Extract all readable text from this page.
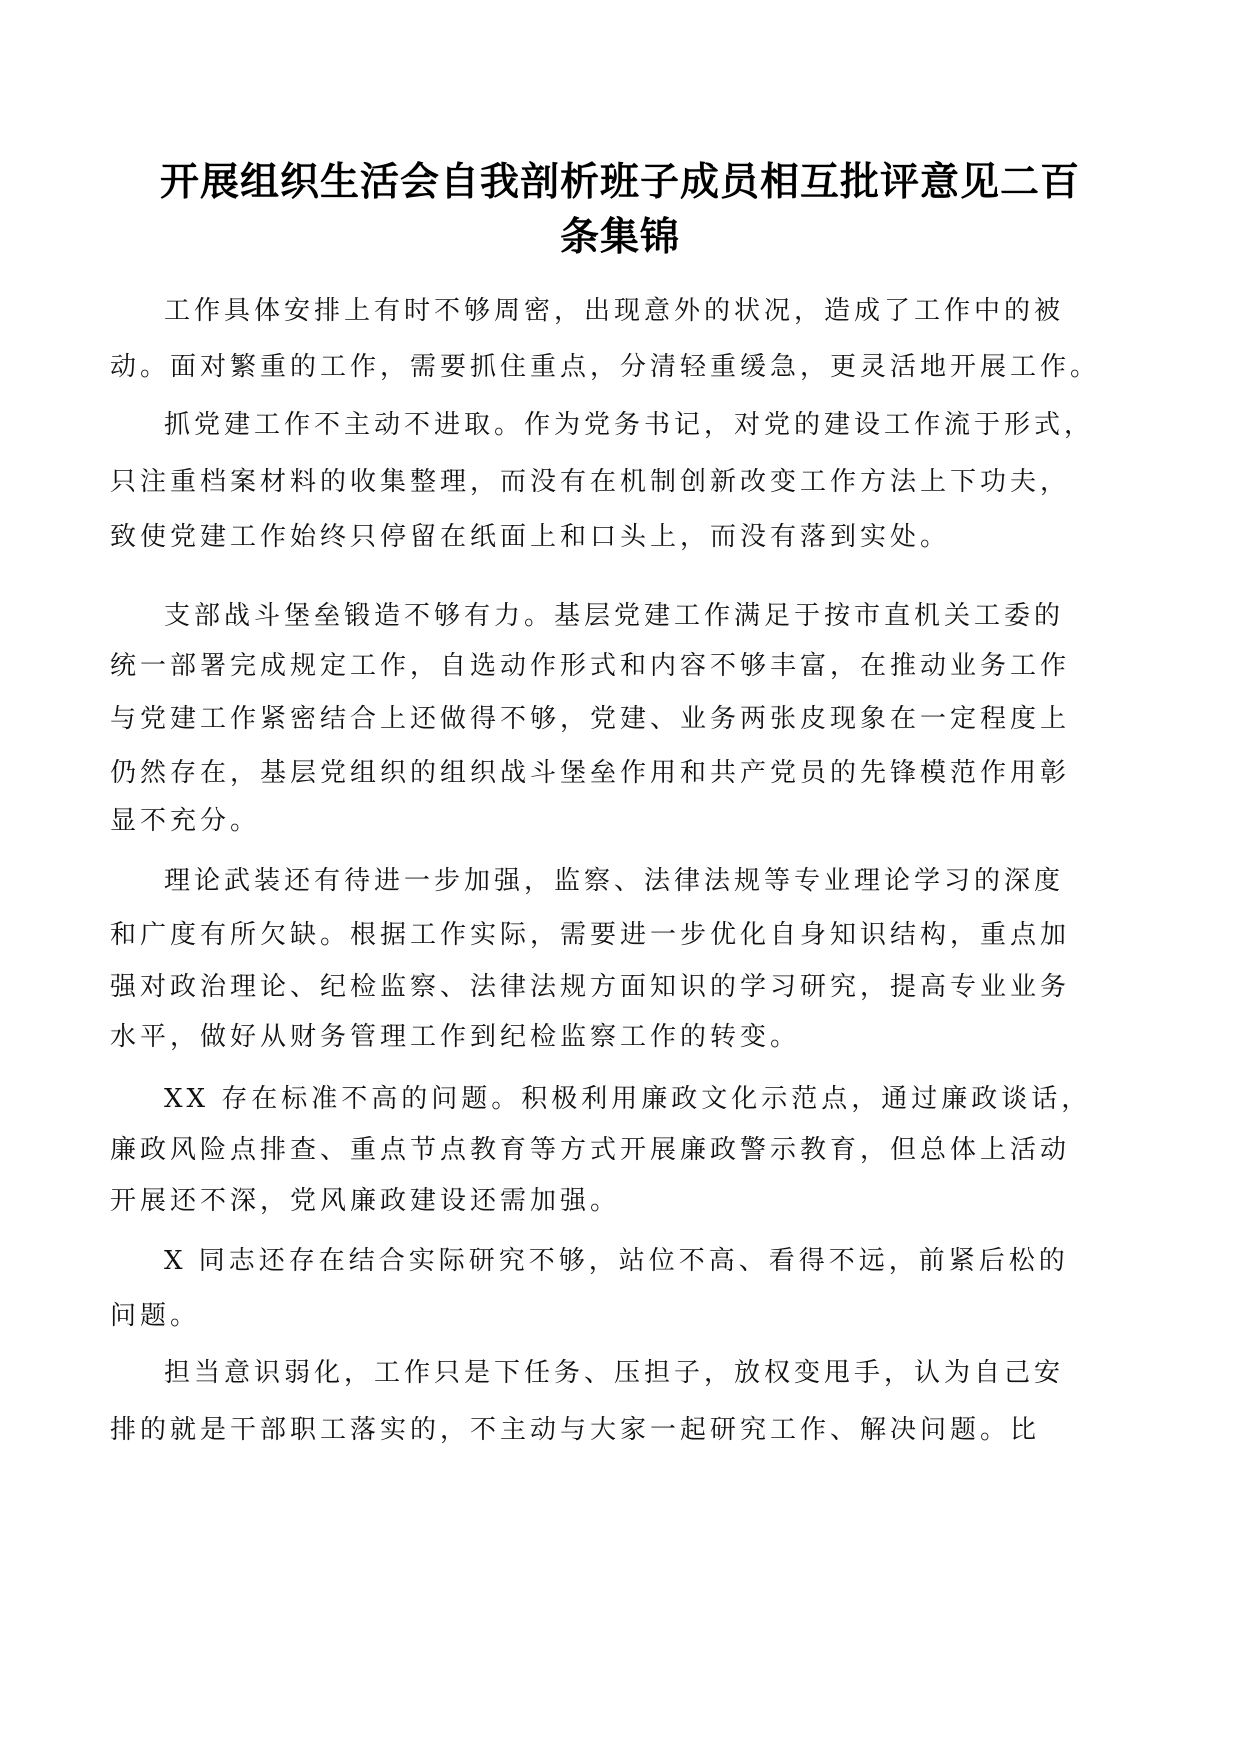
开展组织生活会自我剖析班子成员相互批评意见二百
条集锦
工作具体安排上有时不够周密，出现意外的状况，造成了工作中的被
动。面对繁重的工作，需要抓住重点，分清轻重缓急，更灵活地开展工作。
抓党建工作不主动不进取。作为党务书记，对党的建设工作流于形式，
只注重档案材料的收集整理，而没有在机制创新改变工作方法上下功夫，
致使党建工作始终只停留在纸面上和口头上，而没有落到实处。
支部战斗堡垒锻造不够有力。基层党建工作满足于按市直机关工委的
统一部署完成规定工作，自选动作形式和内容不够丰富，在推动业务工作
与党建工作紧密结合上还做得不够，党建、业务两张皮现象在一定程度上
仍然存在，基层党组织的组织战斗堡垒作用和共产党员的先锋模范作用彰
显不充分。
理论武装还有待进一步加强，监察、法律法规等专业理论学习的深度
和广度有所欠缺。根据工作实际，需要进一步优化自身知识结构，重点加
强对政治理论、纪检监察、法律法规方面知识的学习研究，提高专业业务
水平，做好从财务管理工作到纪检监察工作的转变。
XX 存在标准不高的问题。积极利用廉政文化示范点，通过廉政谈话，
廉政风险点排查、重点节点教育等方式开展廉政警示教育，但总体上活动
开展还不深，党风廉政建设还需加强。
X 同志还存在结合实际研究不够，站位不高、看得不远，前紧后松的
问题。
担当意识弱化，工作只是下任务、压担子，放权变甩手，认为自己安
排的就是干部职工落实的，不主动与大家一起研究工作、解决问题。比
